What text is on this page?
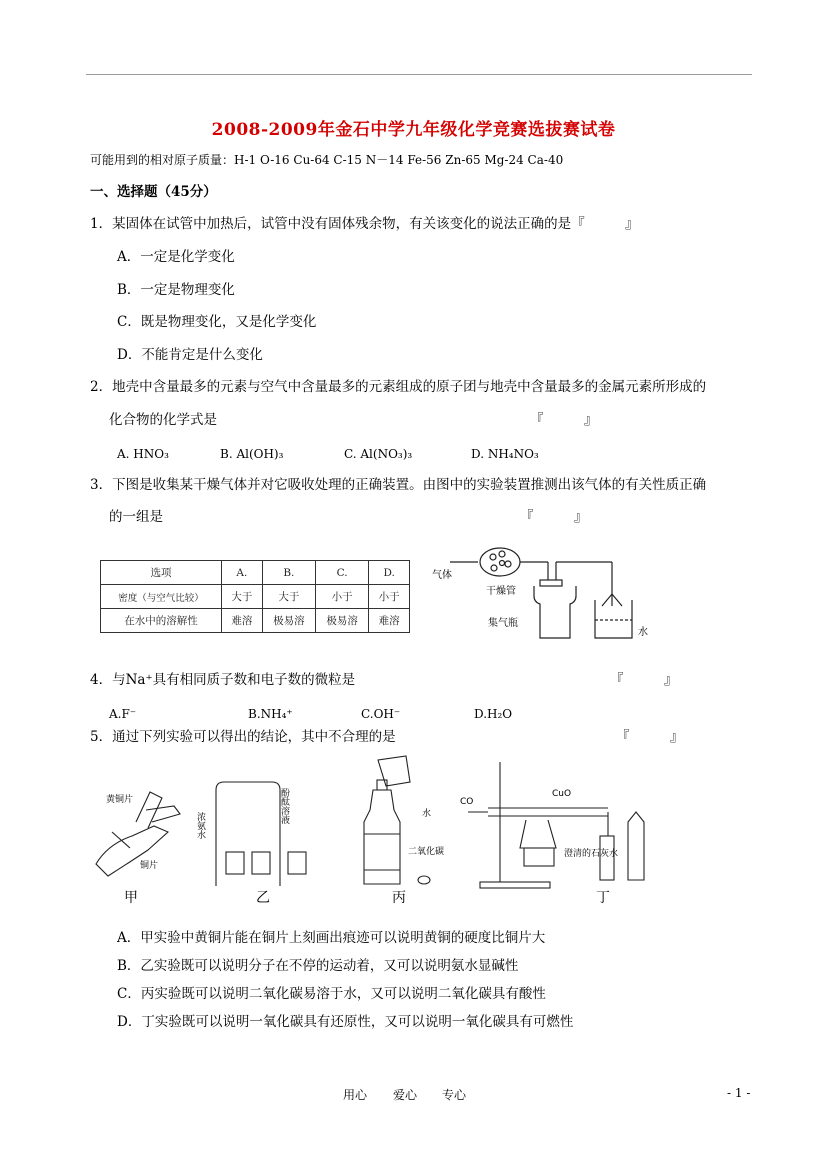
2008-2009年金石中学九年级化学竞赛选拔赛试卷
可能用到的相对原子质量：H-1 O-16 Cu-64 C-15 N－14 Fe-56 Zn-65 Mg-24 Ca-40
一、选择题（45分）
1．某固体在试管中加热后，试管中没有固体残余物，有关该变化的说法正确的是『　　　』
A．一定是化学变化
B．一定是物理变化
C．既是物理变化，又是化学变化
D．不能肯定是什么变化
2．地壳中含量最多的元素与空气中含量最多的元素组成的原子团与地壳中含量最多的金属元素所形成的
化合物的化学式是	『　　　』
A. HNO₃	B. Al(OH)₃	C. Al(NO₃)₃	D. NH₄NO₃
3．下图是收集某干燥气体并对它吸收处理的正确装置。由图中的实验装置推测出该气体的有关性质正确
的一组是	『　　　』
选项	A.	B.	C.	D.
密度（与空气比较）	大于	大于	小于	小于
在水中的溶解性	难溶	极易溶	极易溶	难溶
气体
干燥管
集气瓶
水
4．与Na⁺具有相同质子数和电子数的微粒是	『　　　』
A.F⁻	B.NH₄⁺	C.OH⁻	D.H₂O
5．通过下列实验可以得出的结论，其中不合理的是	『　　　』
黄铜片
铜片
甲
浓氨水
酚酞溶液
乙
水
二氧化碳
丙
CO
CuO
澄清的石灰水
丁
A．甲实验中黄铜片能在铜片上刻画出痕迹可以说明黄铜的硬度比铜片大
B．乙实验既可以说明分子在不停的运动着，又可以说明氨水显碱性
C．丙实验既可以说明二氧化碳易溶于水，又可以说明二氧化碳具有酸性
D．丁实验既可以说明一氧化碳具有还原性，又可以说明一氧化碳具有可燃性
用心 爱心 专心	- 1 -
